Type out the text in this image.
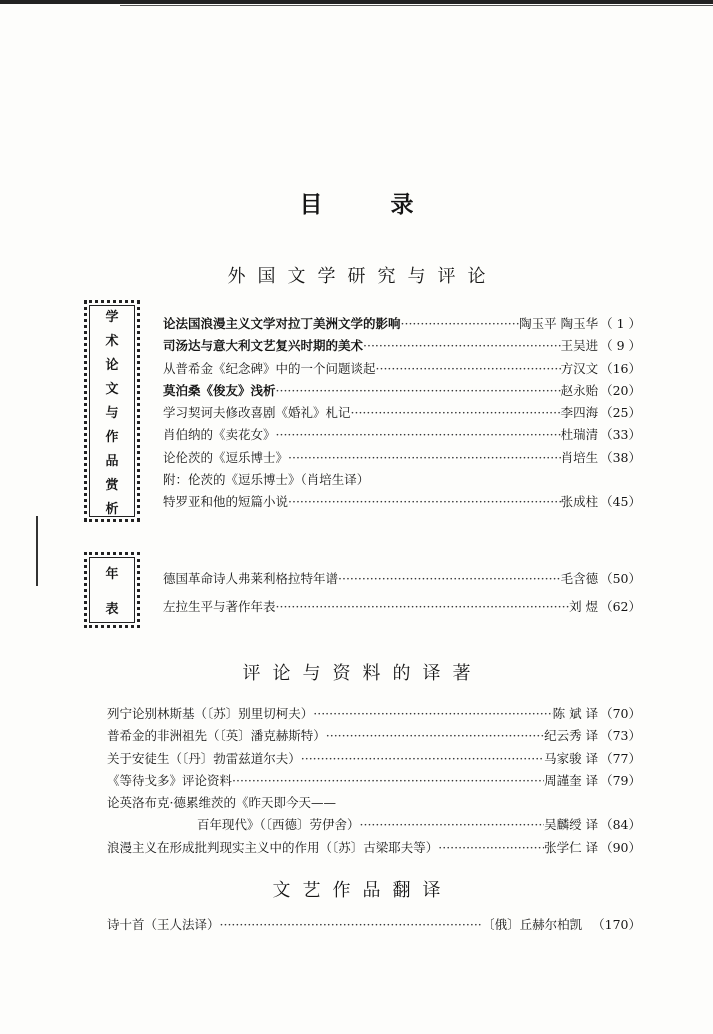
目 录
外国文学研究与评论
学
术
论
文
与
作
品
赏
析
论法国浪漫主义文学对拉丁美洲文学的影响 ·····	陶玉平 陶玉华 （ 1 ）
司汤达与意大利文艺复兴时期的美术 ·····	王吴进 （ 9 ）
从普希金《纪念碑》中的一个问题谈起 ·····	方汉文 （16）
莫泊桑《俊友》浅析 ·····	赵永贻 （20）
学习契诃夫修改喜剧《婚礼》札记 ·····	李四海 （25）
肖伯纳的《卖花女》 ·····	杜瑞清 （33）
论伦茨的《逗乐博士》 ·····	肖培生 （38）
附：伦茨的《逗乐博士》（肖培生译）
特罗亚和他的短篇小说 ·····	张成柱 （45）
年
表
德国革命诗人弗莱利格拉特年谱 ·····	毛含德 （50）
左拉生平与著作年表 ·····	刘 煜 （62）
评论与资料的译著
列宁论别林斯基（〔苏〕别里切柯夫） ·····	陈 斌 译 （70）
普希金的非洲祖先（〔英〕潘克赫斯特） ·····	纪云秀 译 （73）
关于安徒生（〔丹〕勃雷兹道尔夫） ·····	马家骏 译 （77）
《等待戈多》评论资料 ·····	周謹奎 译 （79）
论英洛布克·德累维茨的《昨天即今天——
百年现代》（〔西德〕劳伊舍） ·····	吴麟绶 译 （84）
浪漫主义在形成批判现实主义中的作用（〔苏〕古梁耶夫等） ·····	张学仁 译 （90）
文艺作品翻译
诗十首（王人法译） ·····	〔俄〕丘赫尔柏凯 （170）
